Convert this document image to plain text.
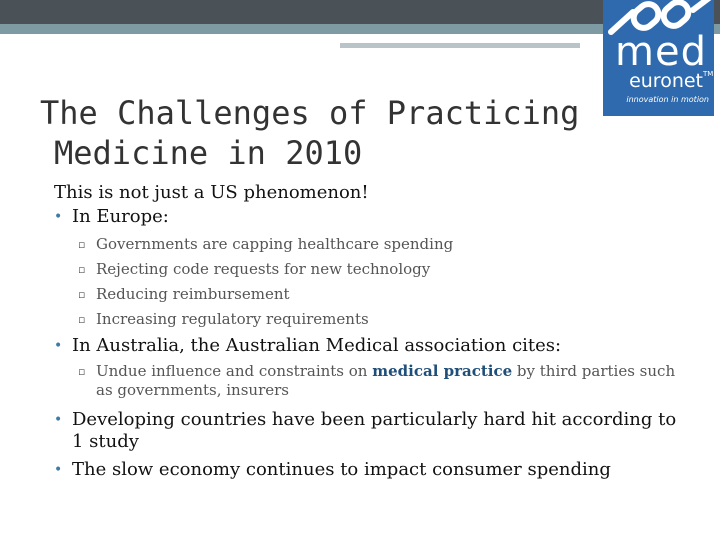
med
euronet TM
innovation in motion
The Challenges of Practicing
Medicine in 2010

This is not just a US phenomenon!

• In Europe:
▫ Governments are capping healthcare spending
▫ Rejecting code requests for new technology
▫ Reducing reimbursement
▫ Increasing regulatory requirements
• In Australia, the Australian Medical association cites:
▫ Undue influence and constraints on medical practice by third parties such as governments, insurers
• Developing countries have been particularly hard hit according to 1 study
• The slow economy continues to impact consumer spending
